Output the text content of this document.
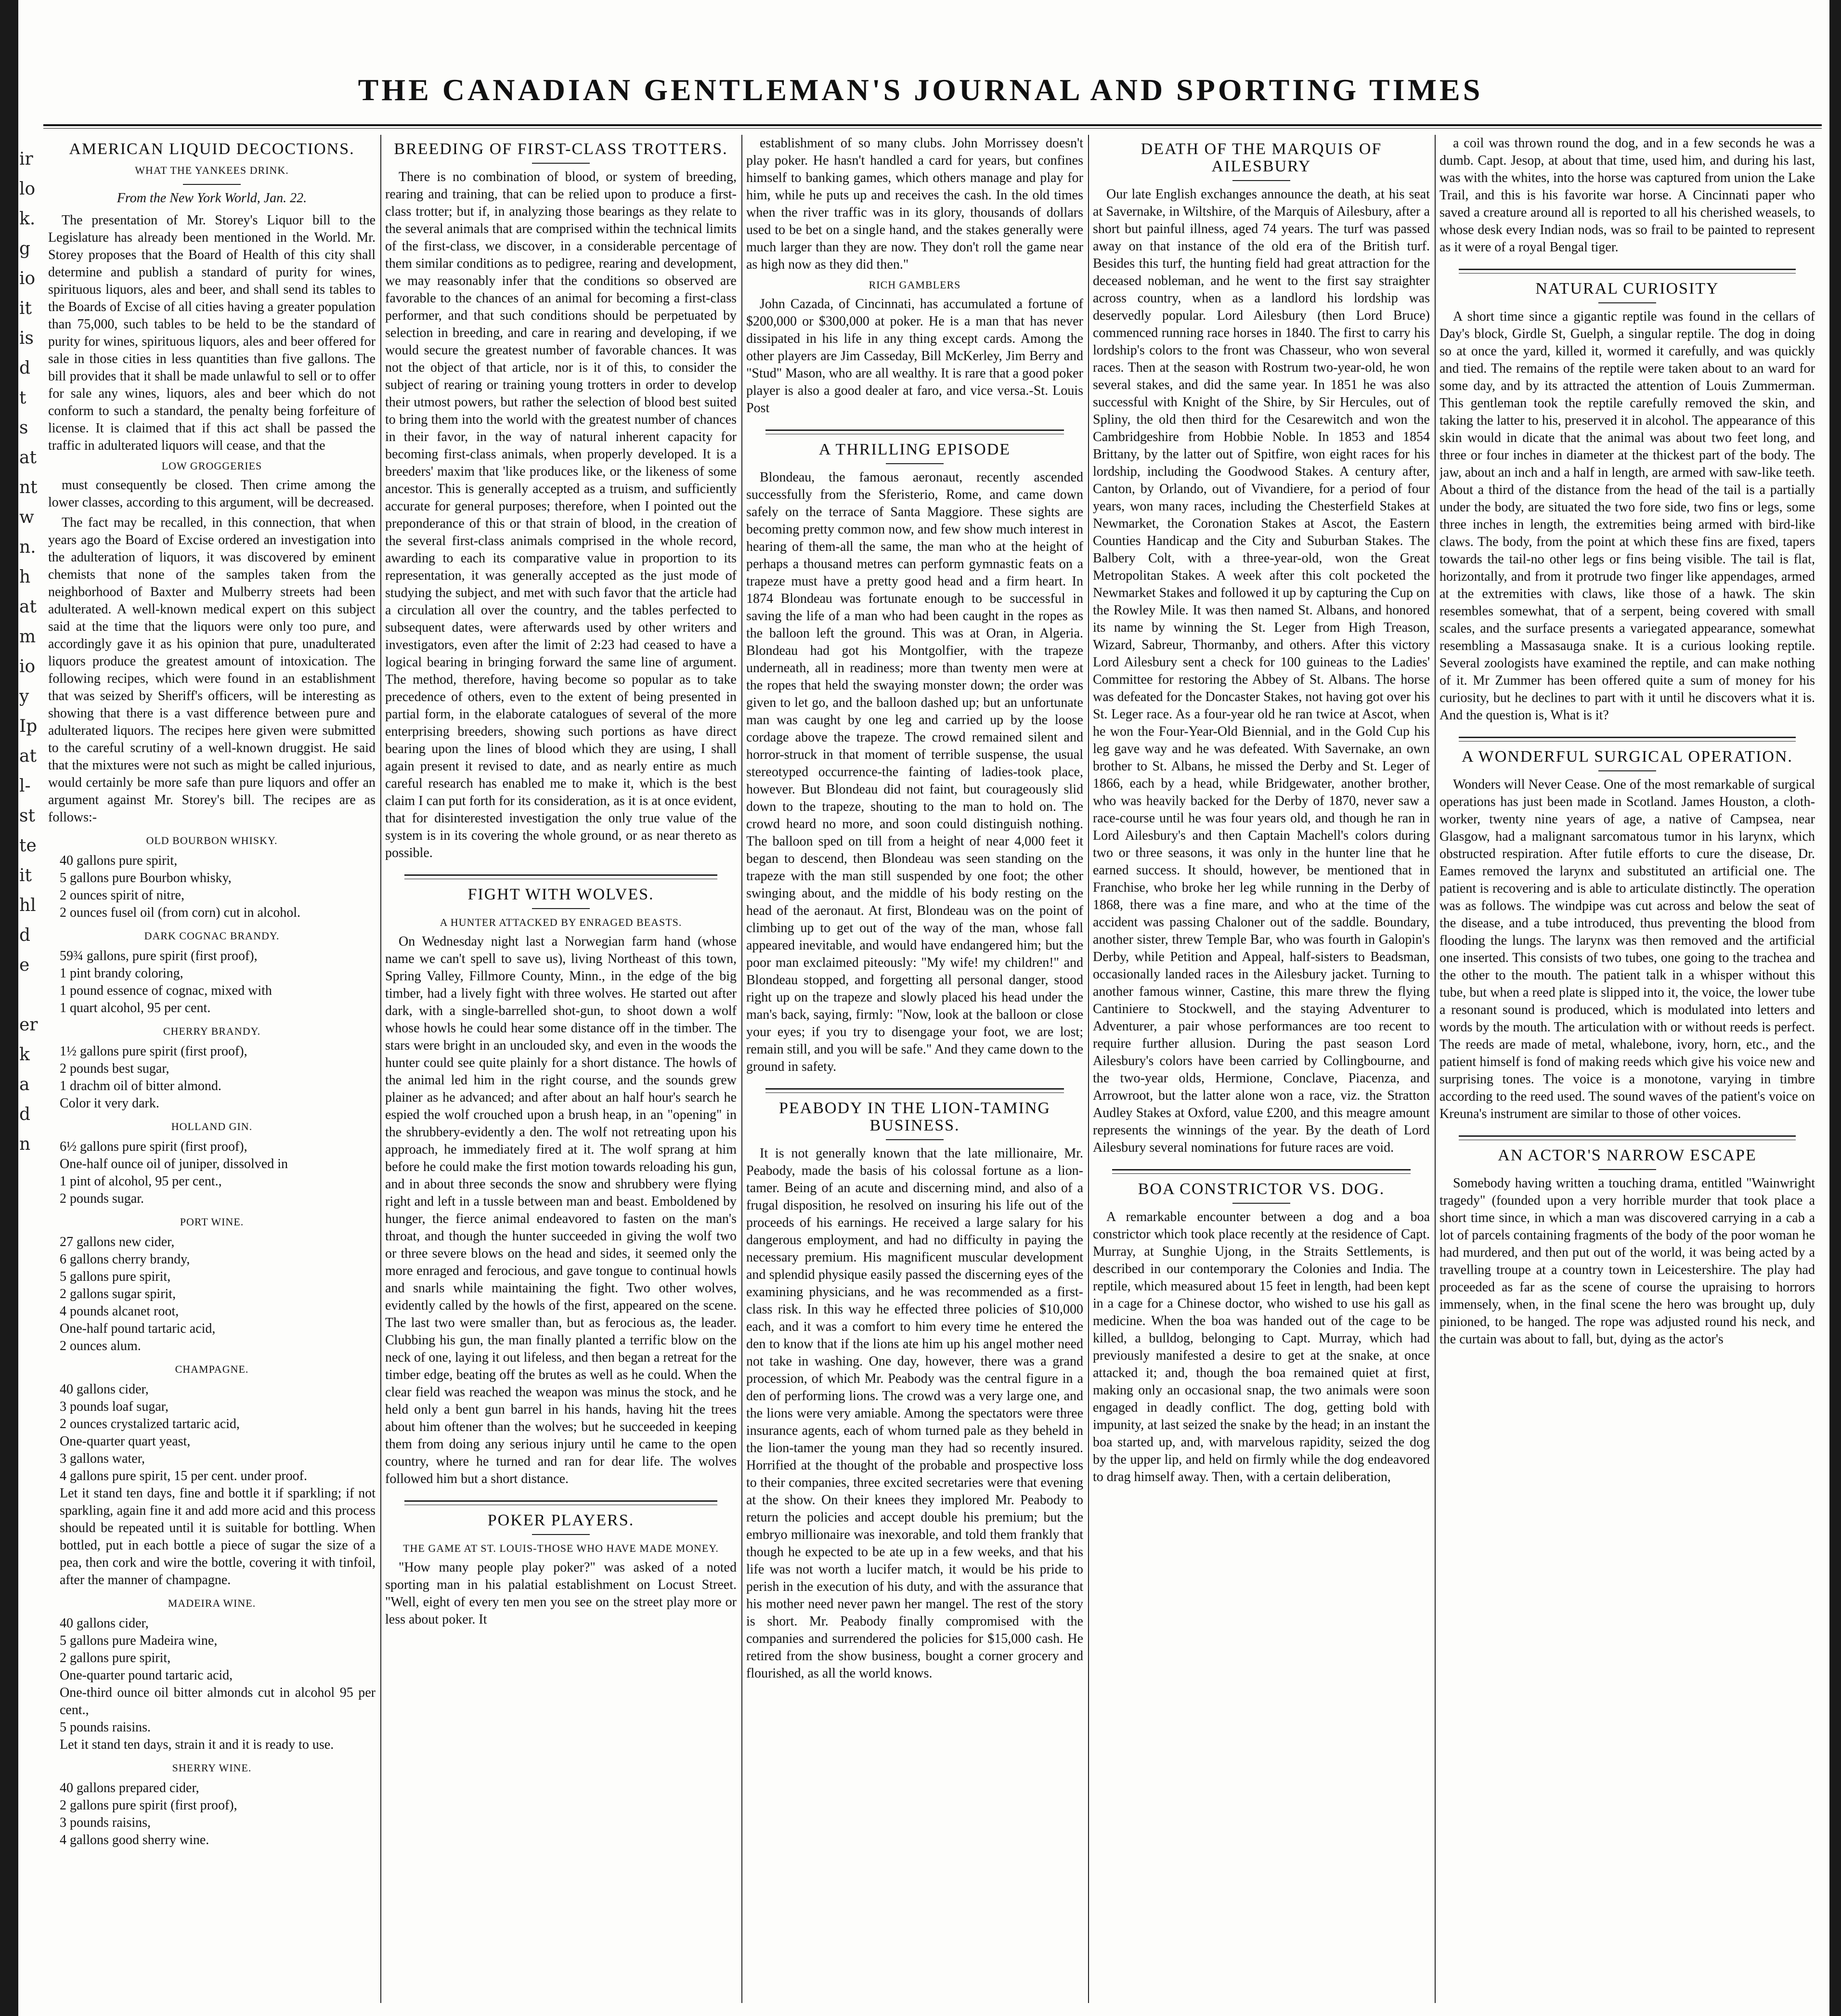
ir
lo
k.
g
io
it
is
d
t
s
at
nt
w
n.
h
at
m
io
y
Ip
at
l-
st
te
it
hl
d
e

er
k
a
d
n
THE CANADIAN GENTLEMAN'S JOURNAL AND SPORTING TIMES
AMERICAN LIQUID DECOCTIONS.
WHAT THE YANKEES DRINK.
From the New York World, Jan. 22.

The presentation of Mr. Storey's Liquor bill to the Legislature has already been mentioned in the World. Mr. Storey proposes that the Board of Health of this city shall determine and publish a standard of purity for wines, spirituous liquors, ales and beer, and shall send its tables to the Boards of Excise of all cities having a greater population than 75,000, such tables to be held to be the standard of purity for wines, spirituous liquors, ales and beer offered for sale in those cities in less quantities than five gallons. The bill provides that it shall be made unlawful to sell or to offer for sale any wines, liquors, ales and beer which do not conform to such a standard, the penalty being forfeiture of license. It is claimed that if this act shall be passed the traffic in adulterated liquors will cease, and that the

LOW GROGGERIES

must consequently be closed. Then crime among the lower classes, according to this argument, will be decreased.

The fact may be recalled, in this connection, that when years ago the Board of Excise ordered an investigation into the adulteration of liquors, it was discovered by eminent chemists that none of the samples taken from the neighborhood of Baxter and Mulberry streets had been adulterated. A well-known medical expert on this subject said at the time that the liquors were only too pure, and accordingly gave it as his opinion that pure, unadulterated liquors produce the greatest amount of intoxication. The following recipes, which were found in an establishment that was seized by Sheriff's officers, will be interesting as showing that there is a vast difference between pure and adulterated liquors. The recipes here given were submitted to the careful scrutiny of a well-known druggist. He said that the mixtures were not such as might be called injurious, would certainly be more safe than pure liquors and offer an argument against Mr. Storey's bill. The recipes are as follows:-

OLD BOURBON WHISKY.
40 gallons pure spirit,
5 gallons pure Bourbon whisky,
2 ounces spirit of nitre,
2 ounces fusel oil (from corn) cut in alcohol.
DARK COGNAC BRANDY.
59¾ gallons, pure spirit (first proof),
1 pint brandy coloring,
1 pound essence of cognac, mixed with
1 quart alcohol, 95 per cent.
CHERRY BRANDY.
1½ gallons pure spirit (first proof),
2 pounds best sugar,
1 drachm oil of bitter almond.
Color it very dark.
HOLLAND GIN.
6½ gallons pure spirit (first proof),
One-half ounce oil of juniper, dissolved in
1 pint of alcohol, 95 per cent.,
2 pounds sugar.
PORT WINE.
27 gallons new cider,
6 gallons cherry brandy,
5 gallons pure spirit,
2 gallons sugar spirit,
4 pounds alcanet root,
One-half pound tartaric acid,
2 ounces alum.
CHAMPAGNE.
40 gallons cider,
3 pounds loaf sugar,
2 ounces crystalized tartaric acid,
One-quarter quart yeast,
3 gallons water,
4 gallons pure spirit, 15 per cent. under proof.
Let it stand ten days, fine and bottle it if sparkling; if not sparkling, again fine it and add more acid and this process should be repeated until it is suitable for bottling. When bottled, put in each bottle a piece of sugar the size of a pea, then cork and wire the bottle, covering it with tinfoil, after the manner of champagne.
MADEIRA WINE.
40 gallons cider,
5 gallons pure Madeira wine,
2 gallons pure spirit,
One-quarter pound tartaric acid,
One-third ounce oil bitter almonds cut in alcohol 95 per cent.,
5 pounds raisins.
Let it stand ten days, strain it and it is ready to use.
SHERRY WINE.
40 gallons prepared cider,
2 gallons pure spirit (first proof),
3 pounds raisins,
4 gallons good sherry wine.
BREEDING OF FIRST-CLASS TROTTERS.

There is no combination of blood, or system of breeding, rearing and training, that can be relied upon to produce a first-class trotter; but if, in analyzing those bearings as they relate to the several animals that are comprised within the technical limits of the first-class, we discover, in a considerable percentage of them similar conditions as to pedigree, rearing and development, we may reasonably infer that the conditions so observed are favorable to the chances of an animal for becoming a first-class performer, and that such conditions should be perpetuated by selection in breeding, and care in rearing and developing, if we would secure the greatest number of favorable chances. It was not the object of that article, nor is it of this, to consider the subject of rearing or training young trotters in order to develop their utmost powers, but rather the selection of blood best suited to bring them into the world with the greatest number of chances in their favor, in the way of natural inherent capacity for becoming first-class animals, when properly developed. It is a breeders' maxim that 'like produces like, or the likeness of some ancestor. This is generally accepted as a truism, and sufficiently accurate for general purposes; therefore, when I pointed out the preponderance of this or that strain of blood, in the creation of the several first-class animals comprised in the whole record, awarding to each its comparative value in proportion to its representation, it was generally accepted as the just mode of studying the subject, and met with such favor that the article had a circulation all over the country, and the tables perfected to subsequent dates, were afterwards used by other writers and investigators, even after the limit of 2:23 had ceased to have a logical bearing in bringing forward the same line of argument. The method, therefore, having become so popular as to take precedence of others, even to the extent of being presented in partial form, in the elaborate catalogues of several of the more enterprising breeders, showing such portions as have direct bearing upon the lines of blood which they are using, I shall again present it revised to date, and as nearly entire as much careful research has enabled me to make it, which is the best claim I can put forth for its consideration, as it is at once evident, that for disinterested investigation the only true value of the system is in its covering the whole ground, or as near thereto as possible.

FIGHT WITH WOLVES.
A HUNTER ATTACKED BY ENRAGED BEASTS.

On Wednesday night last a Norwegian farm hand (whose name we can't spell to save us), living Northeast of this town, Spring Valley, Fillmore County, Minn., in the edge of the big timber, had a lively fight with three wolves. He started out after dark, with a single-barrelled shot-gun, to shoot down a wolf whose howls he could hear some distance off in the timber. The stars were bright in an unclouded sky, and even in the woods the hunter could see quite plainly for a short distance. The howls of the animal led him in the right course, and the sounds grew plainer as he advanced; and after about an half hour's search he espied the wolf crouched upon a brush heap, in an "opening" in the shrubbery-evidently a den. The wolf not retreating upon his approach, he immediately fired at it. The wolf sprang at him before he could make the first motion towards reloading his gun, and in about three seconds the snow and shrubbery were flying right and left in a tussle between man and beast. Emboldened by hunger, the fierce animal endeavored to fasten on the man's throat, and though the hunter succeeded in giving the wolf two or three severe blows on the head and sides, it seemed only the more enraged and ferocious, and gave tongue to continual howls and snarls while maintaining the fight. Two other wolves, evidently called by the howls of the first, appeared on the scene. The last two were smaller than, but as ferocious as, the leader. Clubbing his gun, the man finally planted a terrific blow on the neck of one, laying it out lifeless, and then began a retreat for the timber edge, beating off the brutes as well as he could. When the clear field was reached the weapon was minus the stock, and he held only a bent gun barrel in his hands, having hit the trees about him oftener than the wolves; but he succeeded in keeping them from doing any serious injury until he came to the open country, where he turned and ran for dear life. The wolves followed him but a short distance.

POKER PLAYERS.
THE GAME AT ST. LOUIS-THOSE WHO HAVE MADE MONEY.

"How many people play poker?" was asked of a noted sporting man in his palatial establishment on Locust Street. "Well, eight of every ten men you see on the street play more or less about poker. It

establishment of so many clubs. John Morrissey doesn't play poker. He hasn't handled a card for years, but confines himself to banking games, which others manage and play for him, while he puts up and receives the cash. In the old times when the river traffic was in its glory, thousands of dollars used to be bet on a single hand, and the stakes generally were much larger than they are now. They don't roll the game near as high now as they did then."

RICH GAMBLERS

John Cazada, of Cincinnati, has accumulated a fortune of $200,000 or $300,000 at poker. He is a man that has never dissipated in his life in any thing except cards. Among the other players are Jim Casseday, Bill McKerley, Jim Berry and "Stud" Mason, who are all wealthy. It is rare that a good poker player is also a good dealer at faro, and vice versa.-St. Louis Post

A THRILLING EPISODE

Blondeau, the famous aeronaut, recently ascended successfully from the Sferisterio, Rome, and came down safely on the terrace of Santa Maggiore. These sights are becoming pretty common now, and few show much interest in hearing of them-all the same, the man who at the height of perhaps a thousand metres can perform gymnastic feats on a trapeze must have a pretty good head and a firm heart. In 1874 Blondeau was fortunate enough to be successful in saving the life of a man who had been caught in the ropes as the balloon left the ground. This was at Oran, in Algeria. Blondeau had got his Montgolfier, with the trapeze underneath, all in readiness; more than twenty men were at the ropes that held the swaying monster down; the order was given to let go, and the balloon dashed up; but an unfortunate man was caught by one leg and carried up by the loose cordage above the trapeze. The crowd remained silent and horror-struck in that moment of terrible suspense, the usual stereotyped occurrence-the fainting of ladies-took place, however. But Blondeau did not faint, but courageously slid down to the trapeze, shouting to the man to hold on. The crowd heard no more, and soon could distinguish nothing. The balloon sped on till from a height of near 4,000 feet it began to descend, then Blondeau was seen standing on the trapeze with the man still suspended by one foot; the other swinging about, and the middle of his body resting on the head of the aeronaut. At first, Blondeau was on the point of climbing up to get out of the way of the man, whose fall appeared inevitable, and would have endangered him; but the poor man exclaimed piteously: "My wife! my children!" and Blondeau stopped, and forgetting all personal danger, stood right up on the trapeze and slowly placed his head under the man's back, saying, firmly: "Now, look at the balloon or close your eyes; if you try to disengage your foot, we are lost; remain still, and you will be safe." And they came down to the ground in safety.

PEABODY IN THE LION-TAMING BUSINESS.

It is not generally known that the late millionaire, Mr. Peabody, made the basis of his colossal fortune as a lion-tamer. Being of an acute and discerning mind, and also of a frugal disposition, he resolved on insuring his life out of the proceeds of his earnings. He received a large salary for his dangerous employment, and had no difficulty in paying the necessary premium. His magnificent muscular development and splendid physique easily passed the discerning eyes of the examining physicians, and he was recommended as a first-class risk. In this way he effected three policies of $10,000 each, and it was a comfort to him every time he entered the den to know that if the lions ate him up his angel mother need not take in washing. One day, however, there was a grand procession, of which Mr. Peabody was the central figure in a den of performing lions. The crowd was a very large one, and the lions were very amiable. Among the spectators were three insurance agents, each of whom turned pale as they beheld in the lion-tamer the young man they had so recently insured. Horrified at the thought of the probable and prospective loss to their companies, three excited secretaries were that evening at the show. On their knees they implored Mr. Peabody to return the policies and accept double his premium; but the embryo millionaire was inexorable, and told them frankly that though he expected to be ate up in a few weeks, and that his life was not worth a lucifer match, it would be his pride to perish in the execution of his duty, and with the assurance that his mother need never pawn her mangel. The rest of the story is short. Mr. Peabody finally compromised with the companies and surrendered the policies for $15,000 cash. He retired from the show business, bought a corner grocery and flourished, as all the world knows.

DEATH OF THE MARQUIS OF AILESBURY

Our late English exchanges announce the death, at his seat at Savernake, in Wiltshire, of the Marquis of Ailesbury, after a short but painful illness, aged 74 years. The turf was passed away on that instance of the old era of the British turf. Besides this turf, the hunting field had great attraction for the deceased nobleman, and he went to the first say straighter across country, when as a landlord his lordship was deservedly popular. Lord Ailesbury (then Lord Bruce) commenced running race horses in 1840. The first to carry his lordship's colors to the front was Chasseur, who won several races. Then at the season with Rostrum two-year-old, he won several stakes, and did the same year. In 1851 he was also successful with Knight of the Shire, by Sir Hercules, out of Spliny, the old then third for the Cesarewitch and won the Cambridgeshire from Hobbie Noble. In 1853 and 1854 Brittany, by the latter out of Spitfire, won eight races for his lordship, including the Goodwood Stakes. A century after, Canton, by Orlando, out of Vivandiere, for a period of four years, won many races, including the Chesterfield Stakes at Newmarket, the Coronation Stakes at Ascot, the Eastern Counties Handicap and the City and Suburban Stakes. The Balbery Colt, with a three-year-old, won the Great Metropolitan Stakes. A week after this colt pocketed the Newmarket Stakes and followed it up by capturing the Cup on the Rowley Mile. It was then named St. Albans, and honored its name by winning the St. Leger from High Treason, Wizard, Sabreur, Thormanby, and others. After this victory Lord Ailesbury sent a check for 100 guineas to the Ladies' Committee for restoring the Abbey of St. Albans. The horse was defeated for the Doncaster Stakes, not having got over his St. Leger race. As a four-year old he ran twice at Ascot, when he won the Four-Year-Old Biennial, and in the Gold Cup his leg gave way and he was defeated. With Savernake, an own brother to St. Albans, he missed the Derby and St. Leger of 1866, each by a head, while Bridgewater, another brother, who was heavily backed for the Derby of 1870, never saw a race-course until he was four years old, and though he ran in Lord Ailesbury's and then Captain Machell's colors during two or three seasons, it was only in the hunter line that he earned success. It should, however, be mentioned that in Franchise, who broke her leg while running in the Derby of 1868, there was a fine mare, and who at the time of the accident was passing Chaloner out of the saddle. Boundary, another sister, threw Temple Bar, who was fourth in Galopin's Derby, while Petition and Appeal, half-sisters to Beadsman, occasionally landed races in the Ailesbury jacket. Turning to another famous winner, Castine, this mare threw the flying Cantiniere to Stockwell, and the staying Adventurer to Adventurer, a pair whose performances are too recent to require further allusion. During the past season Lord Ailesbury's colors have been carried by Collingbourne, and the two-year olds, Hermione, Conclave, Piacenza, and Arrowroot, but the latter alone won a race, viz. the Stratton Audley Stakes at Oxford, value £200, and this meagre amount represents the winnings of the year. By the death of Lord Ailesbury several nominations for future races are void.

BOA CONSTRICTOR VS. DOG.

A remarkable encounter between a dog and a boa constrictor which took place recently at the residence of Capt. Murray, at Sunghie Ujong, in the Straits Settlements, is described in our contemporary the Colonies and India. The reptile, which measured about 15 feet in length, had been kept in a cage for a Chinese doctor, who wished to use his gall as medicine. When the boa was handed out of the cage to be killed, a bulldog, belonging to Capt. Murray, which had previously manifested a desire to get at the snake, at once attacked it; and, though the boa remained quiet at first, making only an occasional snap, the two animals were soon engaged in deadly conflict. The dog, getting bold with impunity, at last seized the snake by the head; in an instant the boa started up, and, with marvelous rapidity, seized the dog by the upper lip, and held on firmly while the dog endeavored to drag himself away. Then, with a certain deliberation,

a coil was thrown round the dog, and in a few seconds he was a dumb. Capt. Jesop, at about that time, used him, and during his last, was with the whites, into the horse was captured from union the Lake Trail, and this is his favorite war horse. A Cincinnati paper who saved a creature around all is reported to all his cherished weasels, to whose desk every Indian nods, was so frail to be painted to represent as it were of a royal Bengal tiger.

NATURAL CURIOSITY

A short time since a gigantic reptile was found in the cellars of Day's block, Girdle St, Guelph, a singular reptile. The dog in doing so at once the yard, killed it, wormed it carefully, and was quickly and tied. The remains of the reptile were taken about to an ward for some day, and by its attracted the attention of Louis Zummerman. This gentleman took the reptile carefully removed the skin, and taking the latter to his, preserved it in alcohol. The appearance of this skin would in dicate that the animal was about two feet long, and three or four inches in diameter at the thickest part of the body. The jaw, about an inch and a half in length, are armed with saw-like teeth. About a third of the distance from the head of the tail is a partially under the body, are situated the two fore side, two fins or legs, some three inches in length, the extremities being armed with bird-like claws. The body, from the point at which these fins are fixed, tapers towards the tail-no other legs or fins being visible. The tail is flat, horizontally, and from it protrude two finger like appendages, armed at the extremities with claws, like those of a hawk. The skin resembles somewhat, that of a serpent, being covered with small scales, and the surface presents a variegated appearance, somewhat resembling a Massasauga snake. It is a curious looking reptile. Several zoologists have examined the reptile, and can make nothing of it. Mr Zummer has been offered quite a sum of money for his curiosity, but he declines to part with it until he discovers what it is. And the question is, What is it?

A WONDERFUL SURGICAL OPERATION.

Wonders will Never Cease. One of the most remarkable of surgical operations has just been made in Scotland. James Houston, a cloth-worker, twenty nine years of age, a native of Campsea, near Glasgow, had a malignant sarcomatous tumor in his larynx, which obstructed respiration. After futile efforts to cure the disease, Dr. Eames removed the larynx and substituted an artificial one. The patient is recovering and is able to articulate distinctly. The operation was as follows. The windpipe was cut across and below the seat of the disease, and a tube introduced, thus preventing the blood from flooding the lungs. The larynx was then removed and the artificial one inserted. This consists of two tubes, one going to the trachea and the other to the mouth. The patient talk in a whisper without this tube, but when a reed plate is slipped into it, the voice, the lower tube a resonant sound is produced, which is modulated into letters and words by the mouth. The articulation with or without reeds is perfect. The reeds are made of metal, whalebone, ivory, horn, etc., and the patient himself is fond of making reeds which give his voice new and surprising tones. The voice is a monotone, varying in timbre according to the reed used. The sound waves of the patient's voice on Kreuna's instrument are similar to those of other voices.

AN ACTOR'S NARROW ESCAPE

Somebody having written a touching drama, entitled "Wainwright tragedy" (founded upon a very horrible murder that took place a short time since, in which a man was discovered carrying in a cab a lot of parcels containing fragments of the body of the poor woman he had murdered, and then put out of the world, it was being acted by a travelling troupe at a country town in Leicestershire. The play had proceeded as far as the scene of course the upraising to horrors immensely, when, in the final scene the hero was brought up, duly pinioned, to be hanged. The rope was adjusted round his neck, and the curtain was about to fall, but, dying as the actor's
